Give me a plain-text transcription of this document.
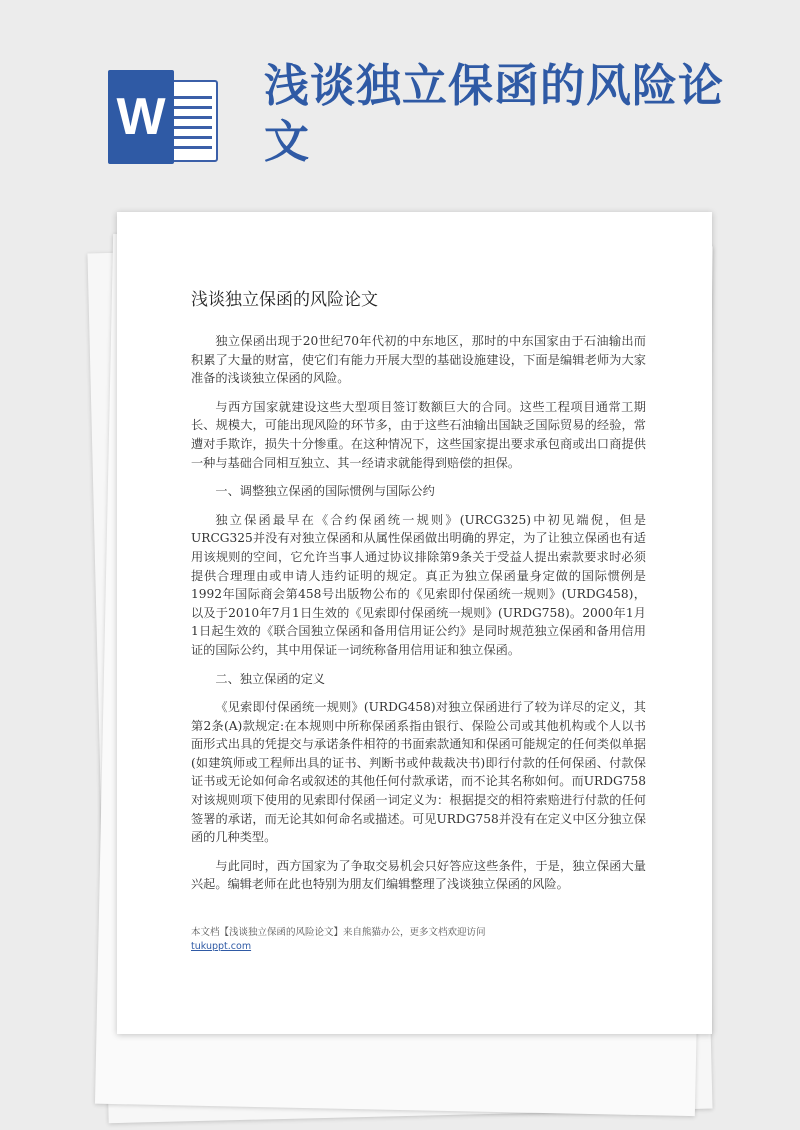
W
浅谈独立保函的风险论文
浅谈独立保函的风险论文

独立保函出现于20世纪70年代初的中东地区，那时的中东国家由于石油输出而积累了大量的财富，使它们有能力开展大型的基础设施建设，下面是编辑老师为大家准备的浅谈独立保函的风险。

与西方国家就建设这些大型项目签订数额巨大的合同。这些工程项目通常工期长、规模大，可能出现风险的环节多，由于这些石油输出国缺乏国际贸易的经验，常遭对手欺诈，损失十分惨重。在这种情况下，这些国家提出要求承包商或出口商提供一种与基础合同相互独立、其一经请求就能得到赔偿的担保。

一、调整独立保函的国际惯例与国际公约

独立保函最早在《合约保函统一规则》(URCG325)中初见端倪，但是URCG325并没有对独立保函和从属性保函做出明确的界定，为了让独立保函也有适用该规则的空间，它允许当事人通过协议排除第9条关于受益人提出索款要求时必须提供合理理由或申请人违约证明的规定。真正为独立保函量身定做的国际惯例是1992年国际商会第458号出版物公布的《见索即付保函统一规则》(URDG458)，以及于2010年7月1日生效的《见索即付保函统一规则》(URDG758)。2000年1月1日起生效的《联合国独立保函和备用信用证公约》是同时规范独立保函和备用信用证的国际公约，其中用保证一词统称备用信用证和独立保函。

二、独立保函的定义

《见索即付保函统一规则》(URDG458)对独立保函进行了较为详尽的定义，其第2条(A)款规定:在本规则中所称保函系指由银行、保险公司或其他机构或个人以书面形式出具的凭提交与承诺条件相符的书面索款通知和保函可能规定的任何类似单据(如建筑师或工程师出具的证书、判断书或仲裁裁决书)即行付款的任何保函、付款保证书或无论如何命名或叙述的其他任何付款承诺，而不论其名称如何。而URDG758对该规则项下使用的见索即付保函一词定义为：根据提交的相符索赔进行付款的任何签署的承诺，而无论其如何命名或描述。可见URDG758并没有在定义中区分独立保函的几种类型。

与此同时，西方国家为了争取交易机会只好答应这些条件，于是，独立保函大量兴起。编辑老师在此也特别为朋友们编辑整理了浅谈独立保函的风险。

本文档【浅谈独立保函的风险论文】来自熊猫办公，更多文档欢迎访问
tukuppt.com
